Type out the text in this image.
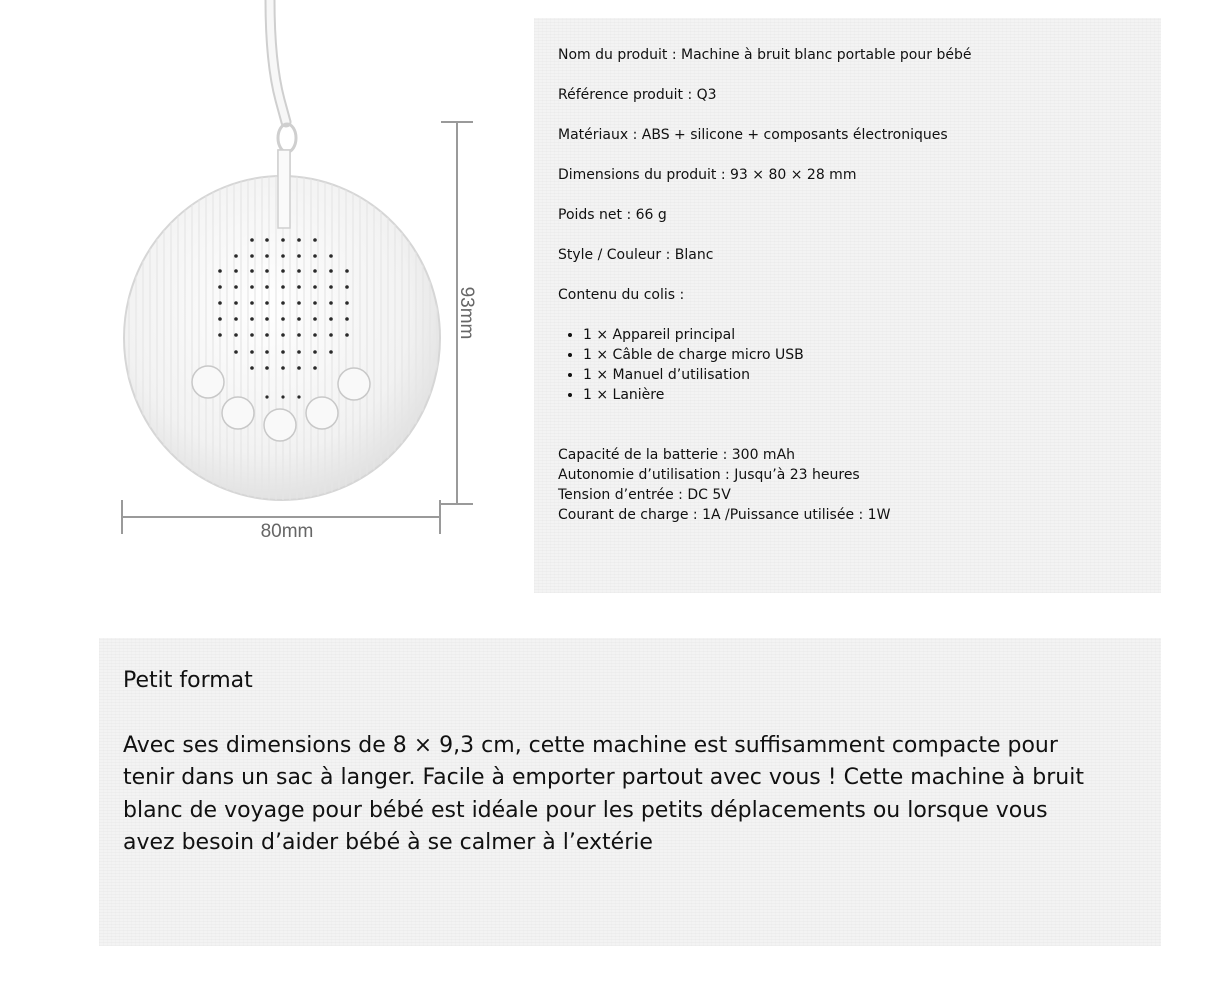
93mm
80mm

Nom du produit : Machine à bruit blanc portable pour bébé

Référence produit : Q3

Matériaux : ABS + silicone + composants électroniques

Dimensions du produit : 93 × 80 × 28 mm

Poids net : 66 g

Style / Couleur : Blanc

Contenu du colis :

• 1 × Appareil principal
• 1 × Câble de charge micro USB
• 1 × Manuel d’utilisation
• 1 × Lanière
Capacité de la batterie : 300 mAh
Autonomie d’utilisation : Jusqu’à 23 heures
Tension d’entrée : DC 5V
Courant de charge : 1A /Puissance utilisée : 1W

Petit format

Avec ses dimensions de 8 × 9,3 cm, cette machine est suffisamment compacte pour tenir dans un sac à langer. Facile à emporter partout avec vous ! Cette machine à bruit blanc de voyage pour bébé est idéale pour les petits déplacements ou lorsque vous avez besoin d’aider bébé à se calmer à l’extérie
